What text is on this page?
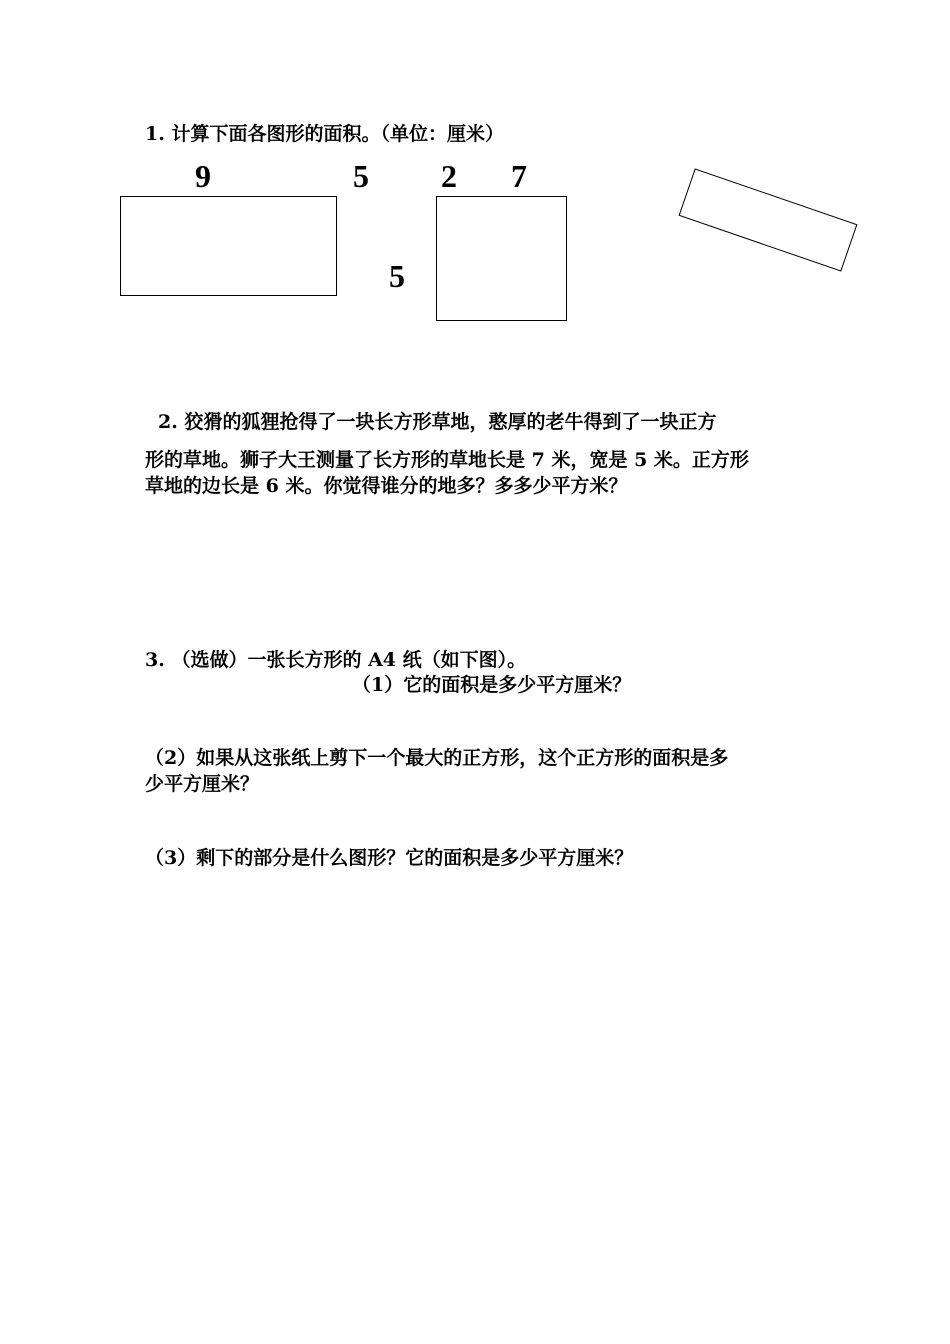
1. 计算下面各图形的面积。（单位：厘米）
9	5 2 7
5
2. 狡猾的狐狸抢得了一块长方形草地，憨厚的老牛得到了一块正方
形的草地。狮子大王测量了长方形的草地长是 7 米，宽是 5 米。正方形
草地的边长是 6 米。你觉得谁分的地多？多多少平方米？
3. （选做）一张长方形的 A4 纸（如下图）。
（1）它的面积是多少平方厘米？
（2）如果从这张纸上剪下一个最大的正方形，这个正方形的面积是多
少平方厘米？
（3）剩下的部分是什么图形？它的面积是多少平方厘米？
